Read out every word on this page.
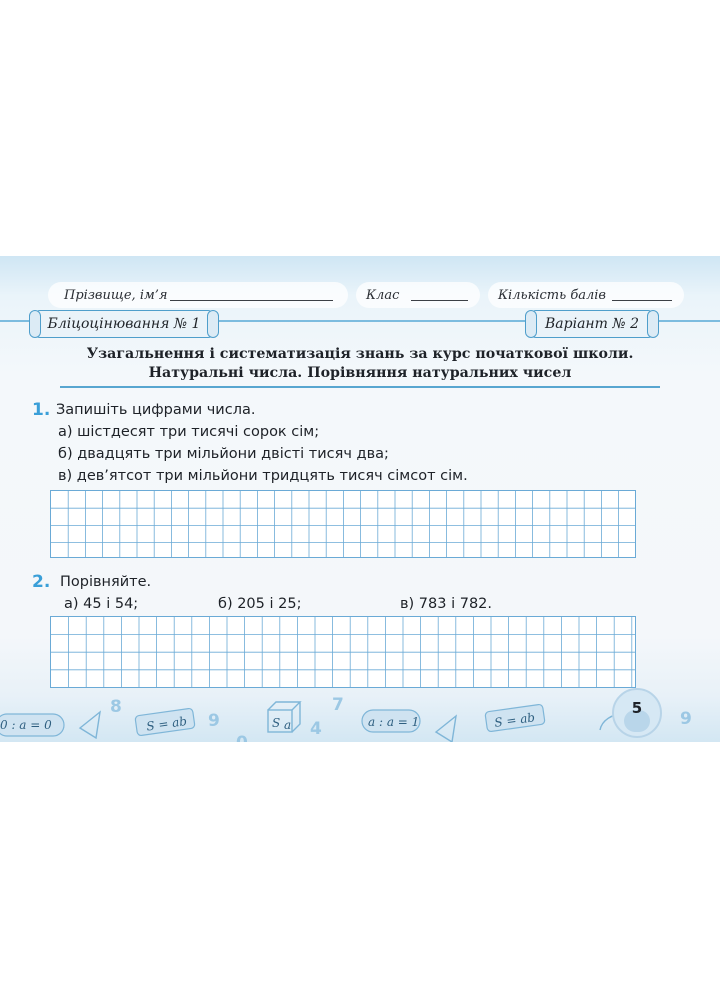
Прізвище, ім’я	Клас	Кількість балів
Бліцоцінювання № 1	Варіант № 2
Узагальнення і систематизація знань за курс початкової школи.
Натуральні числа. Порівняння натуральних чисел
1. Запишіть цифрами числа.
а) шістдесят три тисячі сорок сім;
б) двадцять три мільйони двісті тисяч два;
в) дев’ятсот три мільйони тридцять тисяч сімсот сім.
2. Порівняйте.
а) 45 і 54;	б) 205 і 25;	в) 783 і 782.
0 : a = 0	S = ab	S a	a : a = 1	S = ab
8
9
7
9
0
4
5
